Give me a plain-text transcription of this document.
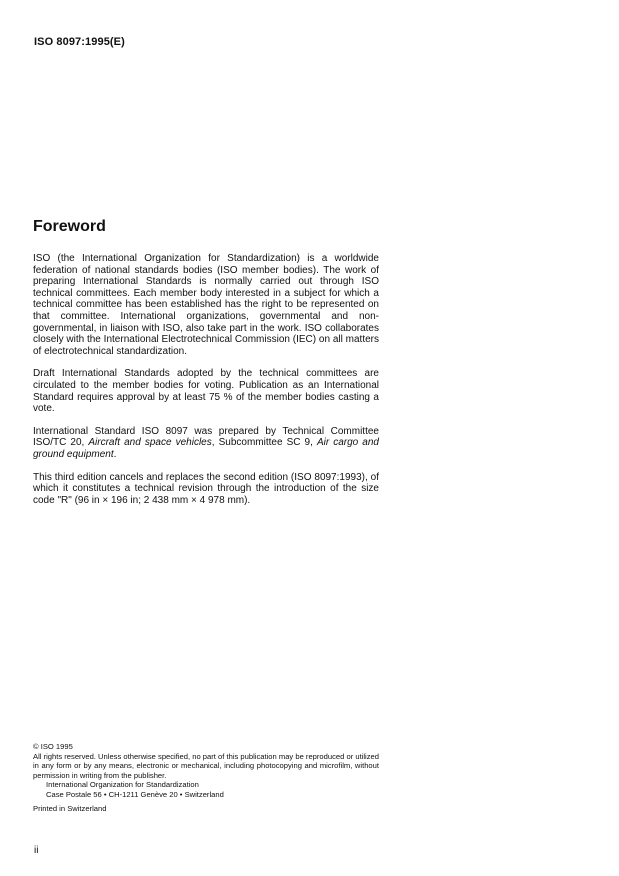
ISO 8097:1995(E)
Foreword

ISO (the International Organization for Standardization) is a worldwide federation of national standards bodies (ISO member bodies). The work of preparing International Standards is normally carried out through ISO technical committees. Each member body interested in a subject for which a technical committee has been established has the right to be represented on that committee. International organizations, governmental and non-governmental, in liaison with ISO, also take part in the work. ISO collaborates closely with the International Electrotechnical Commission (IEC) on all matters of electrotechnical standardization.

Draft International Standards adopted by the technical committees are circulated to the member bodies for voting. Publication as an International Standard requires approval by at least 75 % of the member bodies casting a vote.

International Standard ISO 8097 was prepared by Technical Committee ISO/TC 20, Aircraft and space vehicles, Subcommittee SC 9, Air cargo and ground equipment.

This third edition cancels and replaces the second edition (ISO 8097:1993), of which it constitutes a technical revision through the introduction of the size code "R" (96 in × 196 in; 2 438 mm × 4 978 mm).

© ISO 1995
All rights reserved. Unless otherwise specified, no part of this publication may be reproduced or utilized in any form or by any means, electronic or mechanical, including photocopying and microfilm, without permission in writing from the publisher.
International Organization for Standardization
Case Postale 56 • CH-1211 Genève 20 • Switzerland
Printed in Switzerland
ii
